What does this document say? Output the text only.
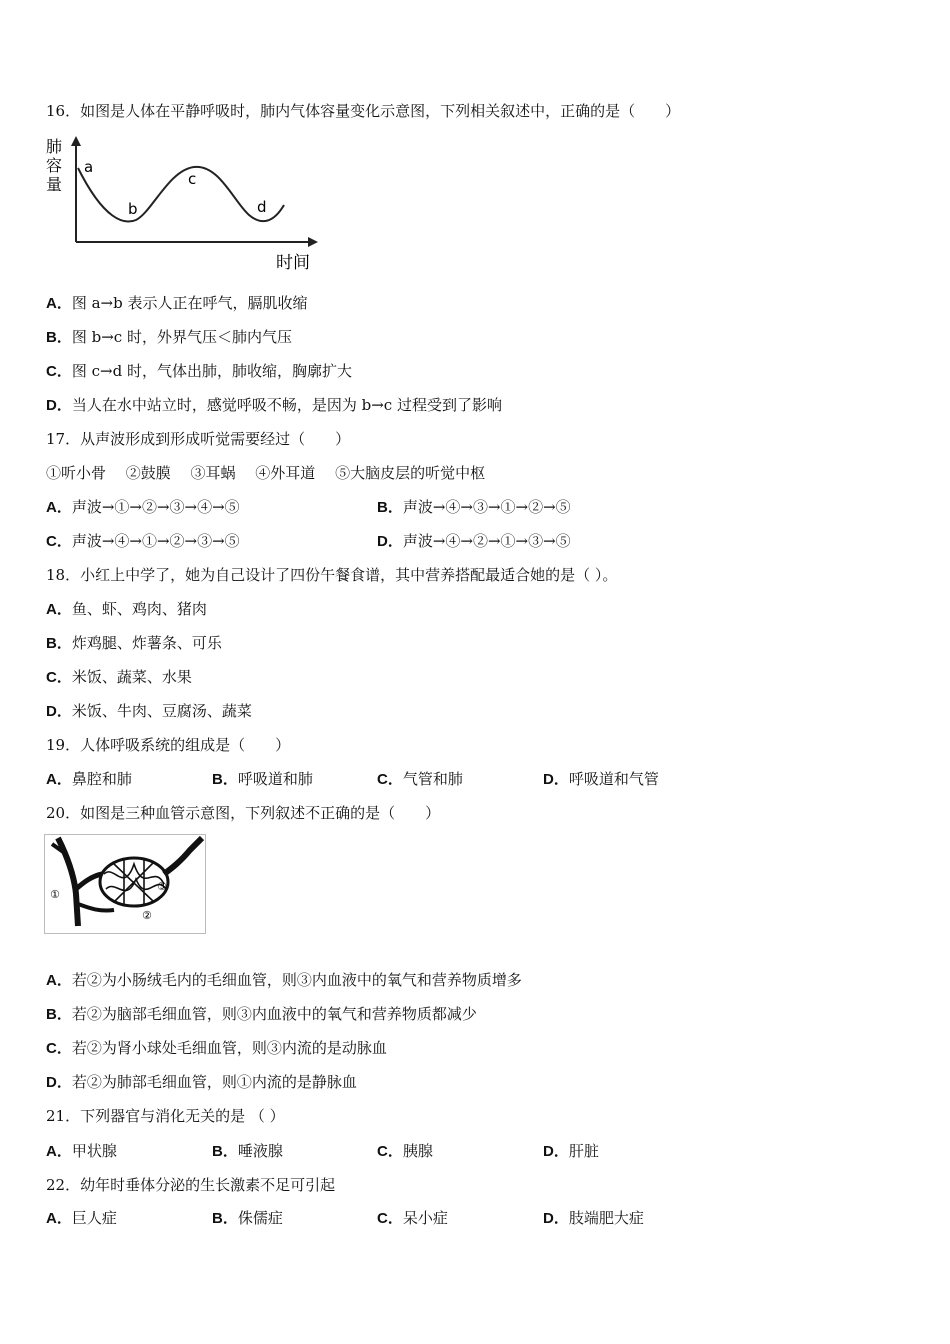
16．如图是人体在平静呼吸时，肺内气体容量变化示意图，下列相关叙述中，正确的是（　　）
肺
容
量
a
b
c
d
时间
A．图 a→b 表示人正在呼气，膈肌收缩
B．图 b→c 时，外界气压＜肺内气压
C．图 c→d 时，气体出肺，肺收缩，胸廓扩大
D．当人在水中站立时，感觉呼吸不畅，是因为 b→c 过程受到了影响
17．从声波形成到形成听觉需要经过（　　）
①听小骨　 ②鼓膜　 ③耳蜗　 ④外耳道　 ⑤大脑皮层的听觉中枢
A．声波→①→②→③→④→⑤	B．声波→④→③→①→②→⑤
C．声波→④→①→②→③→⑤	D．声波→④→②→①→③→⑤
18．小红上中学了，她为自己设计了四份午餐食谱，其中营养搭配最适合她的是（ ）。
A．鱼、虾、鸡肉、猪肉
B．炸鸡腿、炸薯条、可乐
C．米饭、蔬菜、水果
D．米饭、牛肉、豆腐汤、蔬菜
19．人体呼吸系统的组成是（　　）
A．鼻腔和肺	B．呼吸道和肺	C．气管和肺	D．呼吸道和气管
20．如图是三种血管示意图，下列叙述不正确的是（　　）
①
②
③
A．若②为小肠绒毛内的毛细血管，则③内血液中的氧气和营养物质增多
B．若②为脑部毛细血管，则③内血液中的氧气和营养物质都减少
C．若②为肾小球处毛细血管，则③内流的是动脉血
D．若②为肺部毛细血管，则①内流的是静脉血
21．下列器官与消化无关的是 （ ）
A．甲状腺	B．唾液腺	C．胰腺	D．肝脏
22．幼年时垂体分泌的生长激素不足可引起
A．巨人症	B．侏儒症	C．呆小症	D．肢端肥大症
